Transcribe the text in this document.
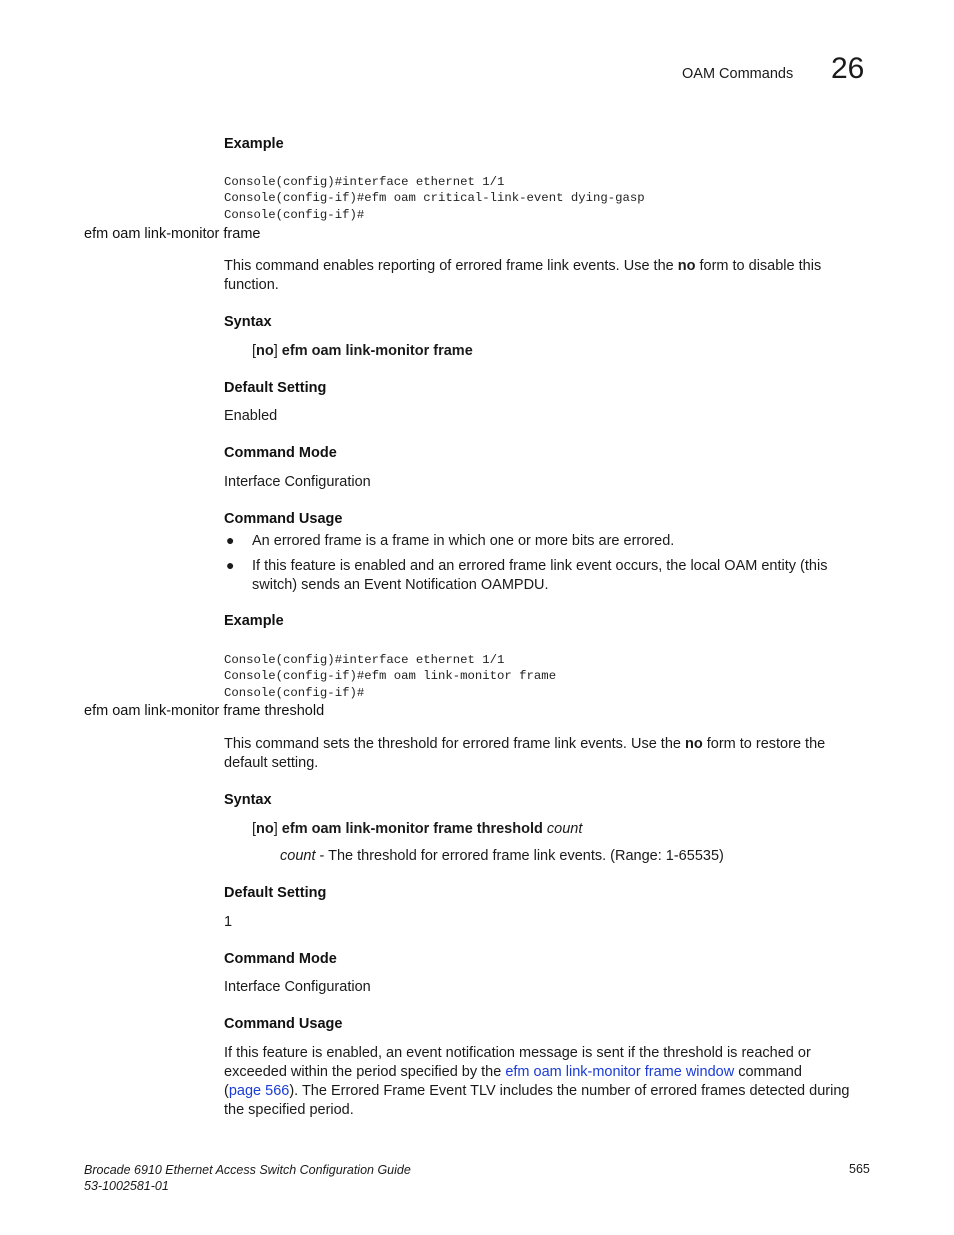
OAM Commands 26
Example

Console(config)#interface ethernet 1/1
Console(config-if)#efm oam critical-link-event dying-gasp
Console(config-if)#

efm oam link-monitor frame
This command enables reporting of errored frame link events. Use the no form to disable this
function.
Syntax
[no] efm oam link-monitor frame
Default Setting
Enabled
Command Mode
Interface Configuration
Command Usage
● An errored frame is a frame in which one or more bits are errored.
● If this feature is enabled and an errored frame link event occurs, the local OAM entity (this
switch) sends an Event Notification OAMPDU.
Example

Console(config)#interface ethernet 1/1
Console(config-if)#efm oam link-monitor frame
Console(config-if)#

efm oam link-monitor frame threshold
This command sets the threshold for errored frame link events. Use the no form to restore the
default setting.
Syntax
[no] efm oam link-monitor frame threshold count
count - The threshold for errored frame link events. (Range: 1-65535)
Default Setting
1
Command Mode
Interface Configuration
Command Usage
If this feature is enabled, an event notification message is sent if the threshold is reached or
exceeded within the period specified by the efm oam link-monitor frame window command
(page 566). The Errored Frame Event TLV includes the number of errored frames detected during
the specified period.
Brocade 6910 Ethernet Access Switch Configuration Guide
53-1002581-01
565
